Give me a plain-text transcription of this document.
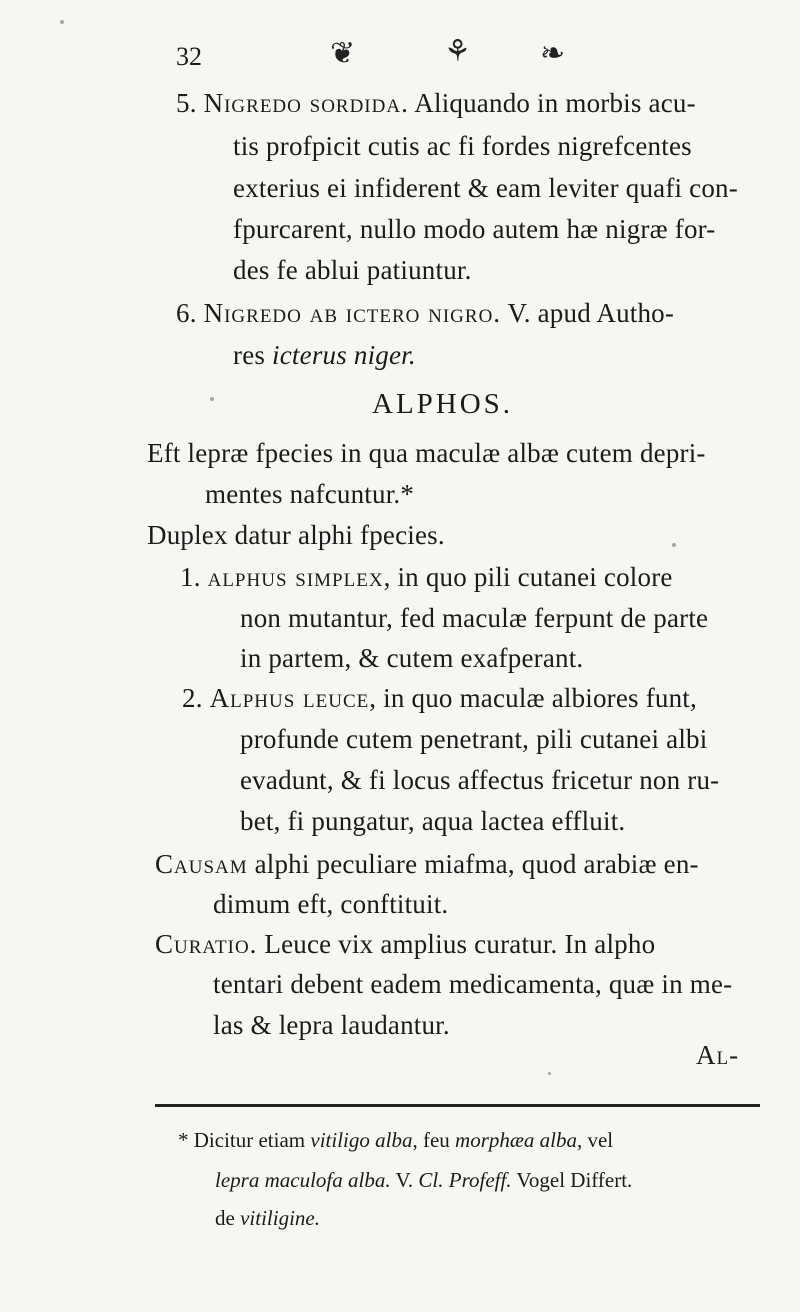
32	❦	⚘ ❧
5. Nigredo sordida. Aliquando in morbis acu-
tis profpicit cutis ac fi fordes nigrefcentes
exterius ei infiderent & eam leviter quafi con-
fpurcarent, nullo modo autem hæ nigræ for-
des fe ablui patiuntur.
6. Nigredo ab ictero nigro. V. apud Autho-
res icterus niger.
ALPHOS.
Eft lepræ fpecies in qua maculæ albæ cutem depri-
mentes nafcuntur.*
Duplex datur alphi fpecies.
1. alphus simplex, in quo pili cutanei colore
non mutantur, fed maculæ ferpunt de parte
in partem, & cutem exafperant.
2. Alphus leuce, in quo maculæ albiores funt,
profunde cutem penetrant, pili cutanei albi
evadunt, & fi locus affectus fricetur non ru-
bet, fi pungatur, aqua lactea effluit.
Causam alphi peculiare miafma, quod arabiæ en-
dimum eft, conftituit.
Curatio. Leuce vix amplius curatur. In alpho
tentari debent eadem medicamenta, quæ in me-
las & lepra laudantur.
Al-
* Dicitur etiam vitiligo alba, feu morphæa alba, vel
lepra maculofa alba. V. Cl. Profeff. Vogel Differt.
de vitiligine.
